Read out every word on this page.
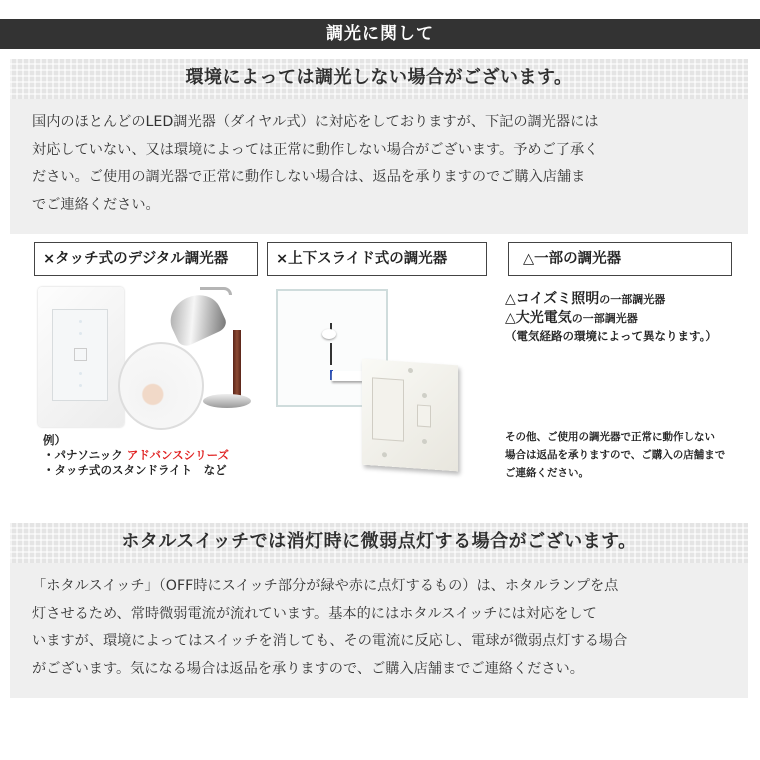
調光に関して
環境によっては調光しない場合がございます。
国内のほとんどのLED調光器（ダイヤル式）に対応をしておりますが、下記の調光器には
対応していない、又は環境によっては正常に動作しない場合がございます。予めご了承く
ださい。ご使用の調光器で正常に動作しない場合は、返品を承りますのでご購入店舗ま
でご連絡ください。
×タッチ式のデジタル調光器	×上下スライド式の調光器	△一部の調光器
例）
・パナソニック アドバンスシリーズ
・タッチ式のスタンドライト　など
△コイズミ照明の一部調光器
△大光電気の一部調光器
（電気経路の環境によって異なります。）
その他、ご使用の調光器で正常に動作しない
場合は返品を承りますので、ご購入の店舗まで
ご連絡ください。
ホタルスイッチでは消灯時に微弱点灯する場合がございます。
「ホタルスイッチ」（OFF時にスイッチ部分が緑や赤に点灯するもの）は、ホタルランプを点
灯させるため、常時微弱電流が流れています。基本的にはホタルスイッチには対応をして
いますが、環境によってはスイッチを消しても、その電流に反応し、電球が微弱点灯する場合
がございます。気になる場合は返品を承りますので、ご購入店舗までご連絡ください。
